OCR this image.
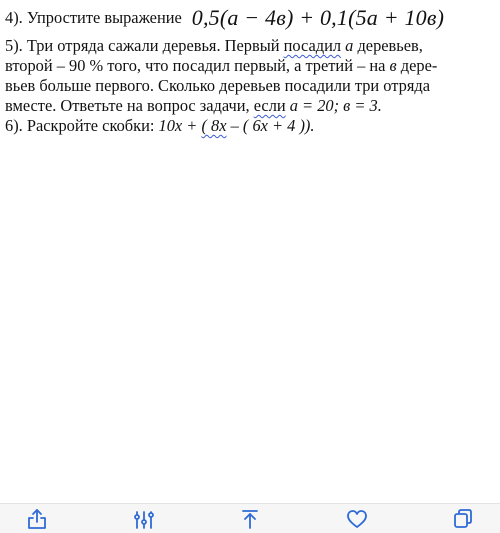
4).
Упростите выражение 0,5(a − 4в) + 0,1(5a + 10в)
5). Три отряда сажали деревья. Первый посадил а деревьев,
второй – 90 % того, что посадил первый, а третий – на в дере-
вьев больше первого. Сколько деревьев посадили три отряда
вместе. Ответьте на вопрос задачи, если а = 20; в = 3.
6). Раскройте скобки: 10х + ( 8х – ( 6х + 4 )).
